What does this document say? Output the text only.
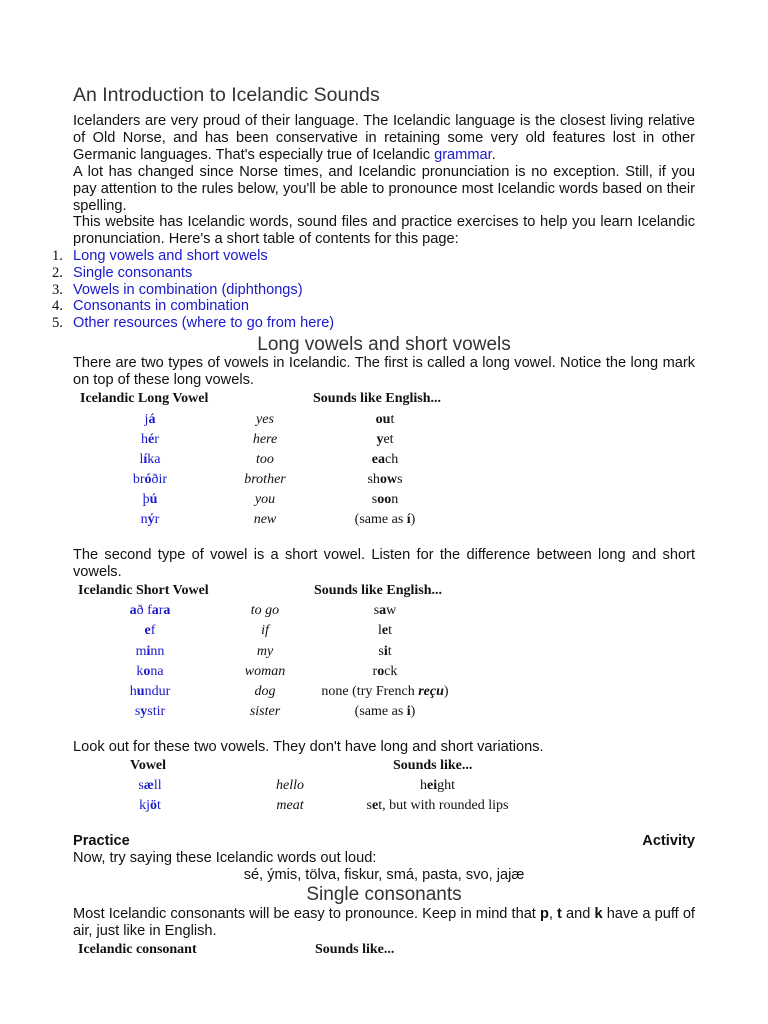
An Introduction to Icelandic Sounds
Icelanders are very proud of their language. The Icelandic language is the closest living relative of Old Norse, and has been conservative in retaining some very old features lost in other Germanic languages. That's especially true of Icelandic grammar.
A lot has changed since Norse times, and Icelandic pronunciation is no exception. Still, if you pay attention to the rules below, you'll be able to pronounce most Icelandic words based on their spelling.
This website has Icelandic words, sound files and practice exercises to help you learn Icelandic pronunciation. Here's a short table of contents for this page:
1. Long vowels and short vowels
2. Single consonants
3. Vowels in combination (diphthongs)
4. Consonants in combination
5. Other resources (where to go from here)
Long vowels and short vowels
There are two types of vowels in Icelandic. The first is called a long vowel. Notice the long mark on top of these long vowels.
Icelandic Long Vowel	Sounds like English...
já	yes	out
hér	here	yet
líka	too	each
bróðir	brother	shows
þú	you	soon
nýr	new	(same as í)
The second type of vowel is a short vowel. Listen for the difference between long and short vowels.
Icelandic Short Vowel	Sounds like English...
að fara	to go	saw
ef	if	let
minn	my	sit
kona	woman	rock
hundur	dog	none (try French reçu)
systir	sister	(same as i)
Look out for these two vowels. They don't have long and short variations.
Vowel	Sounds like...
sæll	hello	height
kjöt	meat	set, but with rounded lips
Practice	Activity
Now, try saying these Icelandic words out loud:
sé, ýmis, tölva, fiskur, smá, pasta, svo, jajæ
Single consonants
Most Icelandic consonants will be easy to pronounce. Keep in mind that p, t and k have a puff of air, just like in English.
Icelandic consonant	Sounds like...
